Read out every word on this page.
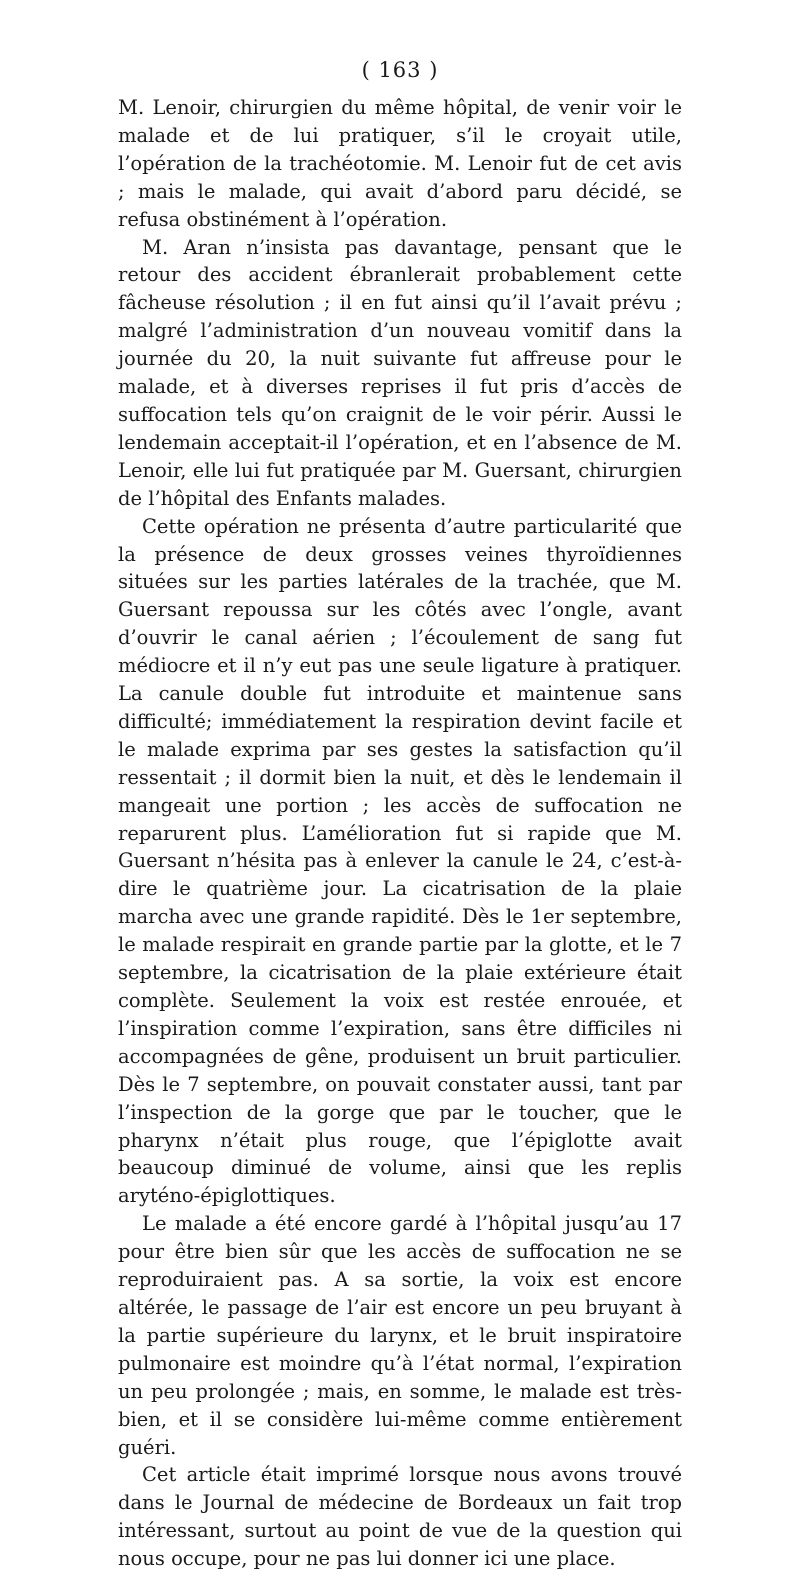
( 163 )

M. Lenoir, chirurgien du même hôpital, de venir voir le malade et de lui pratiquer, s’il le croyait utile, l’opération de la trachéotomie. M. Lenoir fut de cet avis ; mais le malade, qui avait d’abord paru décidé, se refusa obstinément à l’opération.

M. Aran n’insista pas davantage, pensant que le retour des accident ébranlerait probablement cette fâcheuse résolution ; il en fut ainsi qu’il l’avait prévu ; malgré l’administration d’un nouveau vomitif dans la journée du 20, la nuit suivante fut affreuse pour le malade, et à diverses reprises il fut pris d’accès de suffocation tels qu’on craignit de le voir périr. Aussi le lendemain acceptait-il l’opération, et en l’absence de M. Lenoir, elle lui fut pratiquée par M. Guersant, chirurgien de l’hôpital des Enfants malades.

Cette opération ne présenta d’autre particularité que la présence de deux grosses veines thyroïdiennes situées sur les parties latérales de la trachée, que M. Guersant repoussa sur les côtés avec l’ongle, avant d’ouvrir le canal aérien ; l’écoulement de sang fut médiocre et il n’y eut pas une seule ligature à pratiquer. La canule double fut introduite et maintenue sans difficulté; immédiatement la respiration devint facile et le malade exprima par ses gestes la satisfaction qu’il ressentait ; il dormit bien la nuit, et dès le lendemain il mangeait une portion ; les accès de suffocation ne reparurent plus. L’amélioration fut si rapide que M. Guersant n’hésita pas à enlever la canule le 24, c’est-à-dire le quatrième jour. La cicatrisation de la plaie marcha avec une grande rapidité. Dès le 1er septembre, le malade respirait en grande partie par la glotte, et le 7 septembre, la cicatrisation de la plaie extérieure était complète. Seulement la voix est restée enrouée, et l’inspiration comme l’expiration, sans être difficiles ni accompagnées de gêne, produisent un bruit particulier. Dès le 7 septembre, on pouvait constater aussi, tant par l’inspection de la gorge que par le toucher, que le pharynx n’était plus rouge, que l’épiglotte avait beaucoup diminué de volume, ainsi que les replis aryténo-épiglottiques.

Le malade a été encore gardé à l’hôpital jusqu’au 17 pour être bien sûr que les accès de suffocation ne se reproduiraient pas. A sa sortie, la voix est encore altérée, le passage de l’air est encore un peu bruyant à la partie supérieure du larynx, et le bruit inspiratoire pulmonaire est moindre qu’à l’état normal, l’expiration un peu prolongée ; mais, en somme, le malade est très-bien, et il se considère lui-même comme entièrement guéri.

Cet article était imprimé lorsque nous avons trouvé dans le Journal de médecine de Bordeaux un fait trop intéressant, surtout au point de vue de la question qui nous occupe, pour ne pas lui donner ici une place.
